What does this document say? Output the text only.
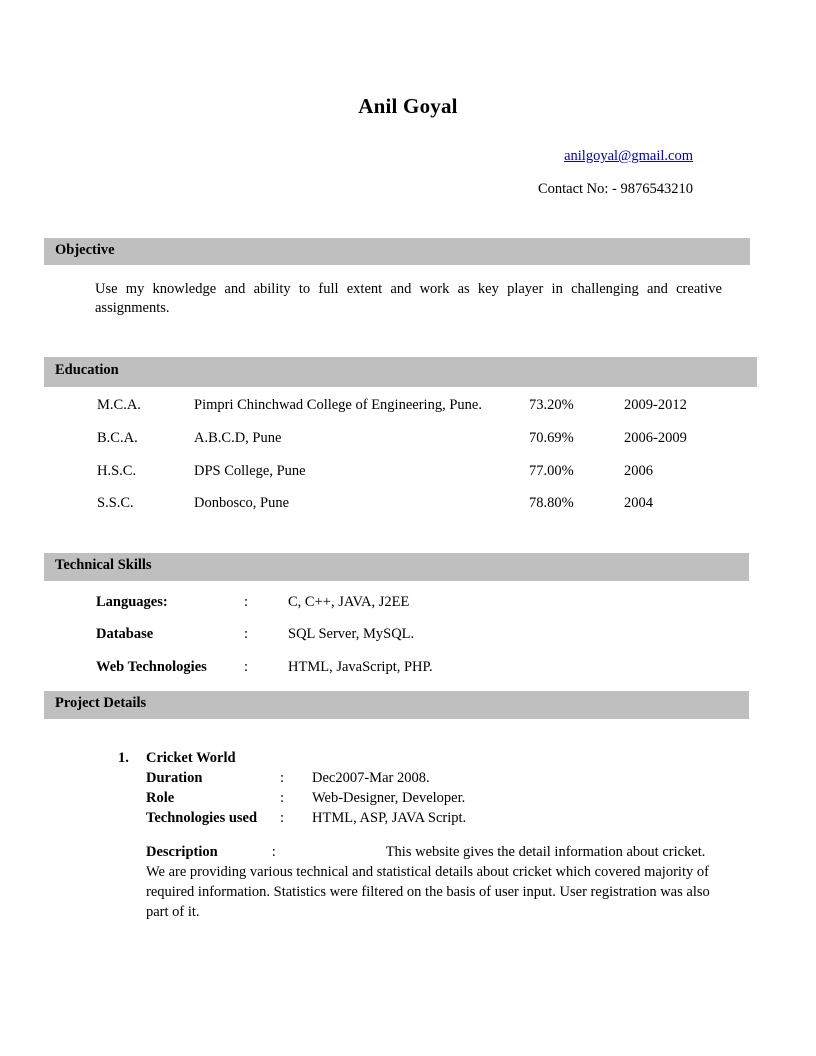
Anil Goyal
anilgoyal@gmail.com
Contact No: - 9876543210
Objective
Use my knowledge and ability to full extent and work as key player in challenging and creative assignments.
Education
M.C.A.	Pimpri Chinchwad College of Engineering, Pune.	73.20%	2009-2012
B.C.A.	A.B.C.D, Pune	70.69%	2006-2009
H.S.C.	DPS College, Pune	77.00%	2006
S.S.C.	Donbosco, Pune	78.80%	2004
Technical Skills
Languages:	:	C, C++, JAVA, J2EE
Database	:	SQL Server, MySQL.
Web Technologies	:	HTML, JavaScript, PHP.
Project Details
1. Cricket World
Duration	: Dec2007-Mar 2008.
Role	: Web-Designer, Developer.
Technologies used : HTML, ASP, JAVA Script.
Description	:	This website gives the detail information about cricket. We are providing various technical and statistical details about cricket which covered majority of required information. Statistics were filtered on the basis of user input. User registration was also part of it.
